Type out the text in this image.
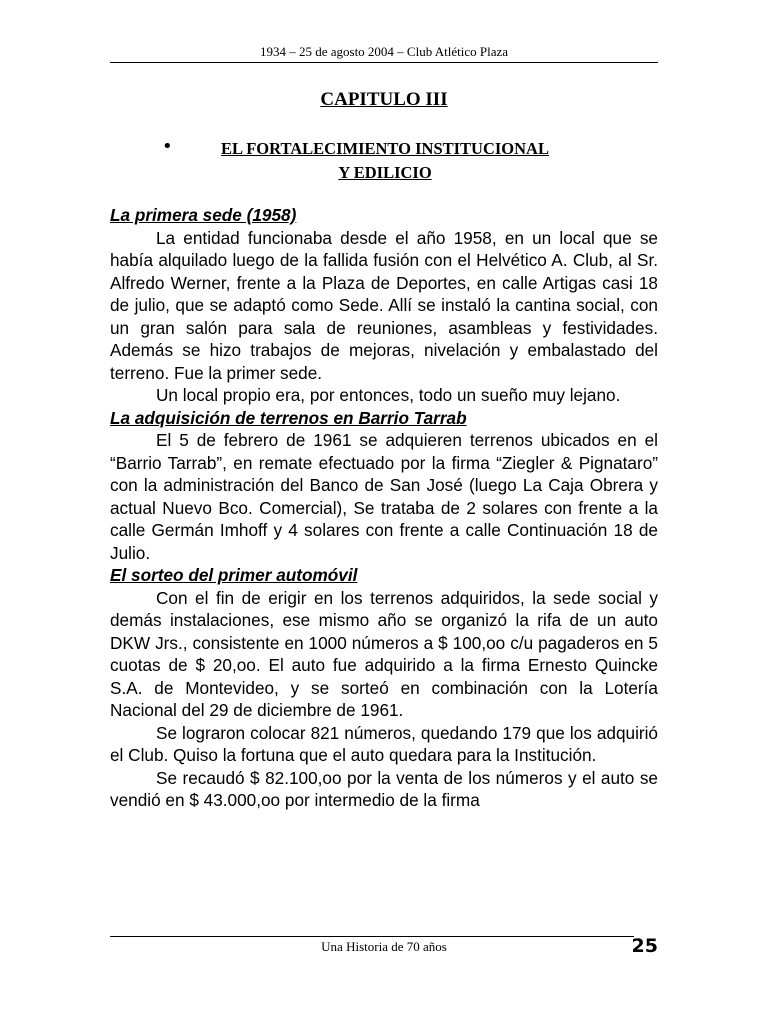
1934 – 25 de agosto 2004 – Club Atlético Plaza
CAPITULO III
•	EL FORTALECIMIENTO INSTITUCIONAL
Y EDILICIO
La primera sede (1958)

La entidad funcionaba desde el año 1958, en un local que se había alquilado luego de la fallida fusión con el Helvético A. Club, al Sr. Alfredo Werner, frente a la Plaza de Deportes, en calle Artigas casi 18 de julio, que se adaptó como Sede. Allí se instaló la cantina social, con un gran salón para sala de reuniones, asambleas y festividades. Además se hizo trabajos de mejoras, nivelación y embalastado del terreno. Fue la primer sede.

Un local propio era, por entonces, todo un sueño muy lejano.

La adquisición de terrenos en Barrio Tarrab

El 5 de febrero de 1961 se adquieren terrenos ubicados en el “Barrio Tarrab”, en remate efectuado por la firma “Ziegler & Pignataro” con la administración del Banco de San José (luego La Caja Obrera y actual Nuevo Bco. Comercial), Se trataba de 2 solares con frente a la calle Germán Imhoff y 4 solares con frente a calle Continuación 18 de Julio.

El sorteo del primer automóvil

Con el fin de erigir en los terrenos adquiridos, la sede social y demás instalaciones, ese mismo año se organizó la rifa de un auto DKW Jrs., consistente en 1000 números a $ 100,oo c/u pagaderos en 5 cuotas de $ 20,oo. El auto fue adquirido a la firma Ernesto Quincke S.A. de Montevideo, y se sorteó en combinación con la Lotería Nacional del 29 de diciembre de 1961.

Se lograron colocar 821 números, quedando 179 que los adquirió el Club. Quiso la fortuna que el auto quedara para la Institución.

Se recaudó $ 82.100,oo por la venta de los números y el auto se vendió en $ 43.000,oo por intermedio de la firma

Una Historia de 70 años	25
